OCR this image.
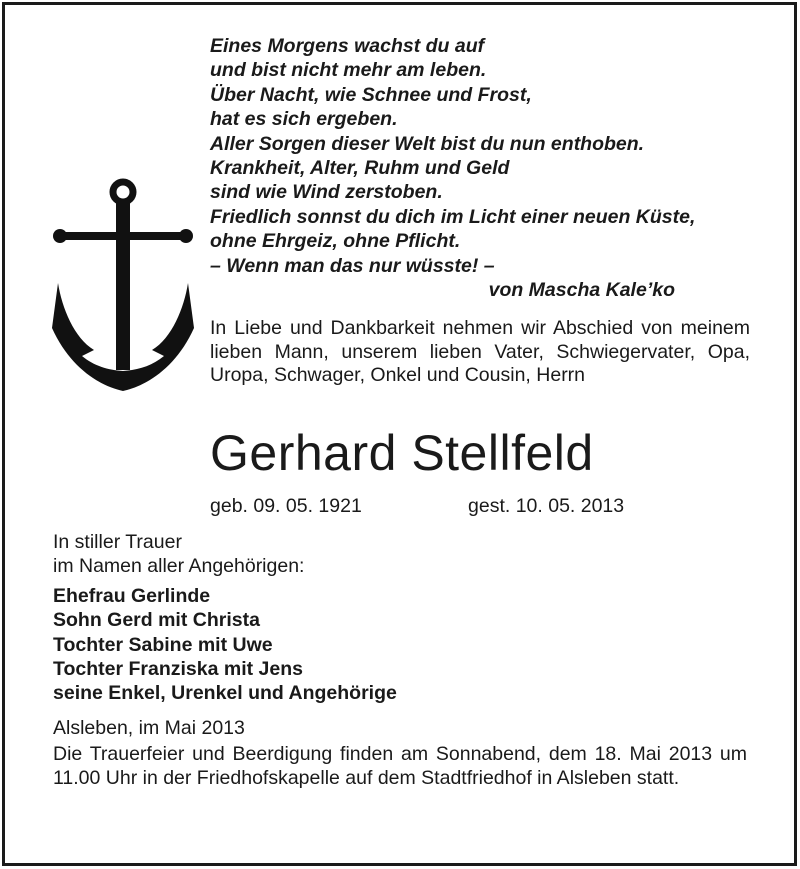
Eines Morgens wachst du auf
und bist nicht mehr am leben.
Über Nacht, wie Schnee und Frost,
hat es sich ergeben.
Aller Sorgen dieser Welt bist du nun enthoben.
Krankheit, Alter, Ruhm und Geld
sind wie Wind zerstoben.
Friedlich sonnst du dich im Licht einer neuen Küste,
ohne Ehrgeiz, ohne Pflicht.
– Wenn man das nur wüsste! –
von Mascha Kale’ko
In Liebe und Dankbarkeit nehmen wir Abschied von meinem lieben Mann, unserem lieben Vater, Schwiegervater, Opa, Uropa, Schwager, Onkel und Cousin, Herrn
Gerhard Stellfeld
geb. 09. 05. 1921	gest. 10. 05. 2013
In stiller Trauer
im Namen aller Angehörigen:
Ehefrau Gerlinde
Sohn Gerd mit Christa
Tochter Sabine mit Uwe
Tochter Franziska mit Jens
seine Enkel, Urenkel und Angehörige
Alsleben, im Mai 2013
Die Trauerfeier und Beerdigung finden am Sonnabend, dem 18. Mai 2013 um 11.00 Uhr in der Friedhofskapelle auf dem Stadtfriedhof in Alsleben statt.
